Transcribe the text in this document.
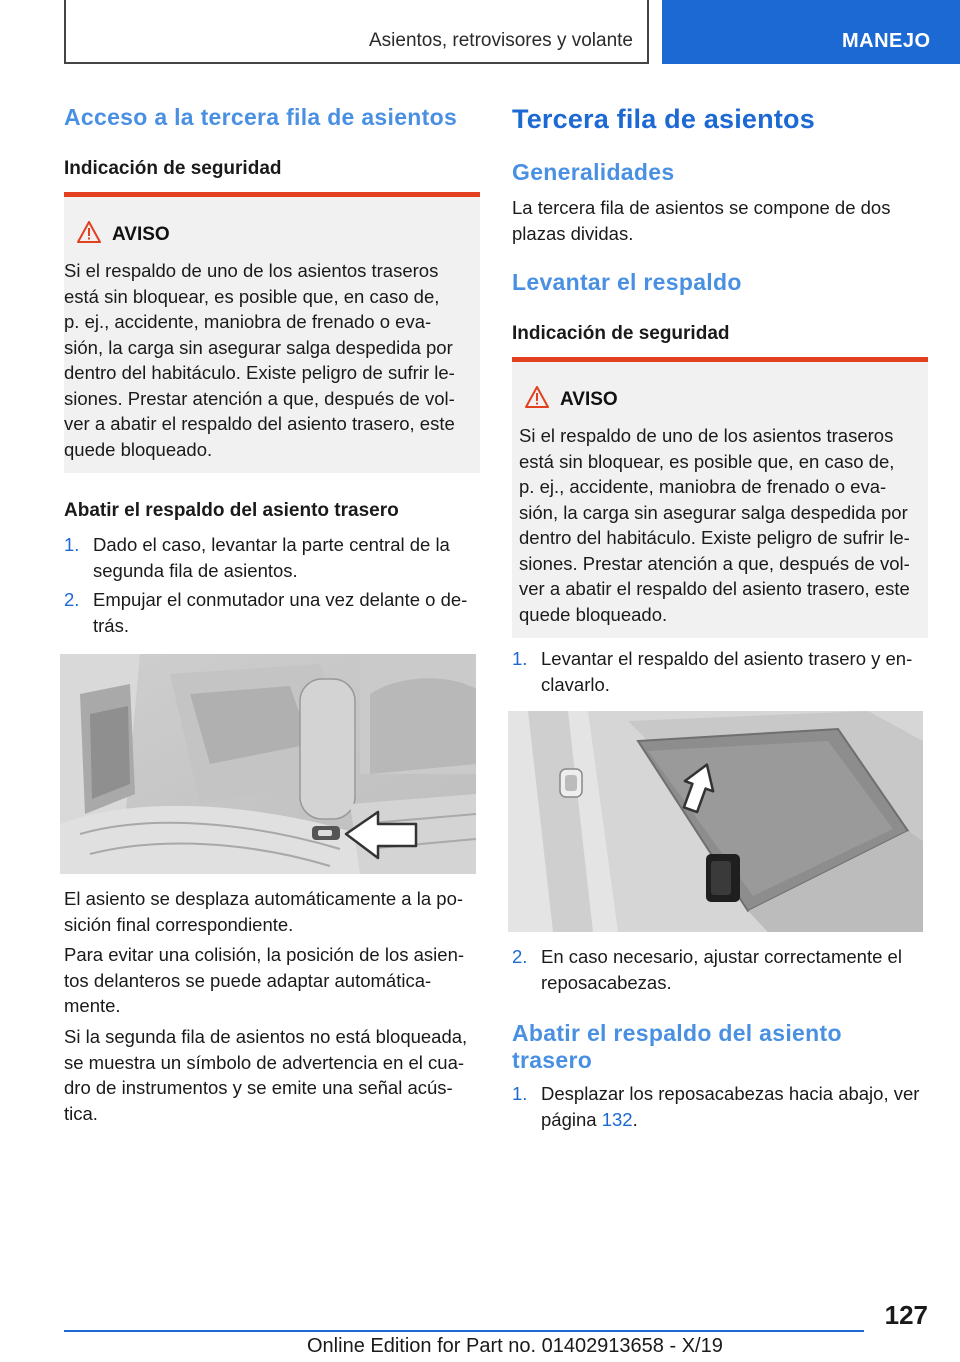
Asientos, retrovisores y volante	MANEJO
Acceso a la tercera fila de asientos
Indicación de seguridad
AVISO
Si el respaldo de uno de los asientos traseros
está sin bloquear, es posible que, en caso de,
p. ej., accidente, maniobra de frenado o eva‐
sión, la carga sin asegurar salga despedida por
dentro del habitáculo. Existe peligro de sufrir le‐
siones. Prestar atención a que, después de vol‐
ver a abatir el respaldo del asiento trasero, este
quede bloqueado.
Abatir el respaldo del asiento trasero
1. Dado el caso, levantar la parte central de la
segunda fila de asientos.
2. Empujar el conmutador una vez delante o de‐
trás.
El asiento se desplaza automáticamente a la po‐
sición final correspondiente.
Para evitar una colisión, la posición de los asien‐
tos delanteros se puede adaptar automática‐
mente.
Si la segunda fila de asientos no está bloqueada,
se muestra un símbolo de advertencia en el cua‐
dro de instrumentos y se emite una señal acús‐
tica.
Tercera fila de asientos
Generalidades
La tercera fila de asientos se compone de dos
plazas dividas.
Levantar el respaldo
Indicación de seguridad
AVISO
Si el respaldo de uno de los asientos traseros
está sin bloquear, es posible que, en caso de,
p. ej., accidente, maniobra de frenado o eva‐
sión, la carga sin asegurar salga despedida por
dentro del habitáculo. Existe peligro de sufrir le‐
siones. Prestar atención a que, después de vol‐
ver a abatir el respaldo del asiento trasero, este
quede bloqueado.
1. Levantar el respaldo del asiento trasero y en‐
clavarlo.
2. En caso necesario, ajustar correctamente el
reposacabezas.
Abatir el respaldo del asiento
trasero
1. Desplazar los reposacabezas hacia abajo, ver
página 132.
127
Online Edition for Part no. 01402913658 - X/19
